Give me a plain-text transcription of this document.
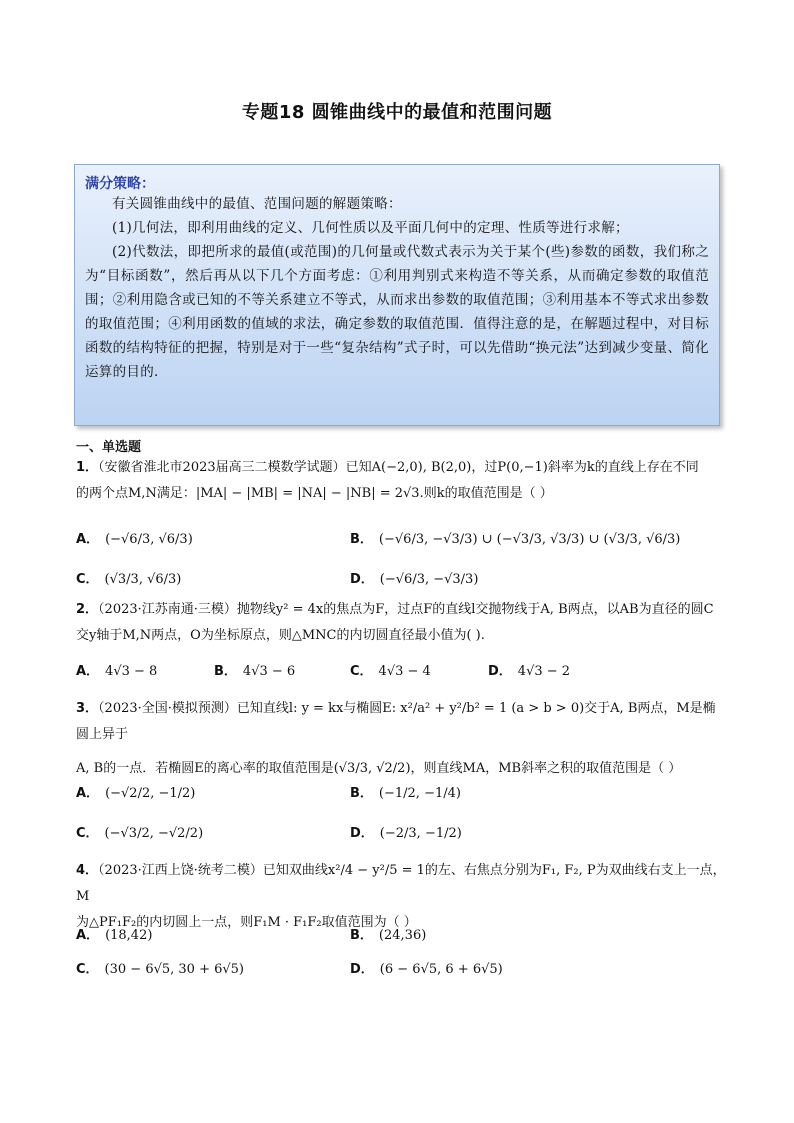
专题18 圆锥曲线中的最值和范围问题
满分策略：

有关圆锥曲线中的最值、范围问题的解题策略：

(1)几何法，即利用曲线的定义、几何性质以及平面几何中的定理、性质等进行求解；

(2)代数法，即把所求的最值(或范围)的几何量或代数式表示为关于某个(些)参数的函数，我们称之为“目标函数”，然后再从以下几个方面考虑：①利用判别式来构造不等关系，从而确定参数的取值范围；②利用隐含或已知的不等关系建立不等式，从而求出参数的取值范围；③利用基本不等式求出参数的取值范围；④利用函数的值域的求法，确定参数的取值范围．值得注意的是，在解题过程中，对目标函数的结构特征的把握，特别是对于一些“复杂结构”式子时，可以先借助“换元法”达到减少变量、简化运算的目的．

一、单选题

1．（安徽省淮北市2023届高三二模数学试题）已知A(−2,0), B(2,0)，过P(0,−1)斜率为k的直线上存在不同

的两个点M,N满足：|MA| − |MB| = |NA| − |NB| = 2√3.则k的取值范围是（ ）

A． (−√6/3, √6/3)	B． (−√6/3, −√3/3) ∪ (−√3/3, √3/3) ∪ (√3/3, √6/3)
C． (√3/3, √6/3)	D． (−√6/3, −√3/3)

2．（2023·江苏南通·三模）抛物线y² = 4x的焦点为F，过点F的直线l交抛物线于A, B两点，以AB为直径的圆C

交y轴于M,N两点，O为坐标原点，则△MNC的内切圆直径最小值为( ).

A． 4√3 − 8	B． 4√3 − 6	C． 4√3 − 4	D． 4√3 − 2

3．（2023·全国·模拟预测）已知直线l: y = kx与椭圆E: x²/a² + y²/b² = 1 (a > b > 0)交于A, B两点，M是椭圆上异于

A, B的一点．若椭圆E的离心率的取值范围是(√3/3, √2/2)，则直线MA，MB斜率之积的取值范围是（ ）

A． (−√2/2, −1/2)	B． (−1/2, −1/4)
C． (−√3/2, −√2/2)	D． (−2/3, −1/2)

4．（2023·江西上饶·统考二模）已知双曲线x²/4 − y²/5 = 1的左、右焦点分别为F₁, F₂, P为双曲线右支上一点，M

为△PF₁F₂的内切圆上一点，则F₁M · F₁F₂取值范围为（ ）

A． (18,42)	B． (24,36)
C． (30 − 6√5, 30 + 6√5)	D． (6 − 6√5, 6 + 6√5)
